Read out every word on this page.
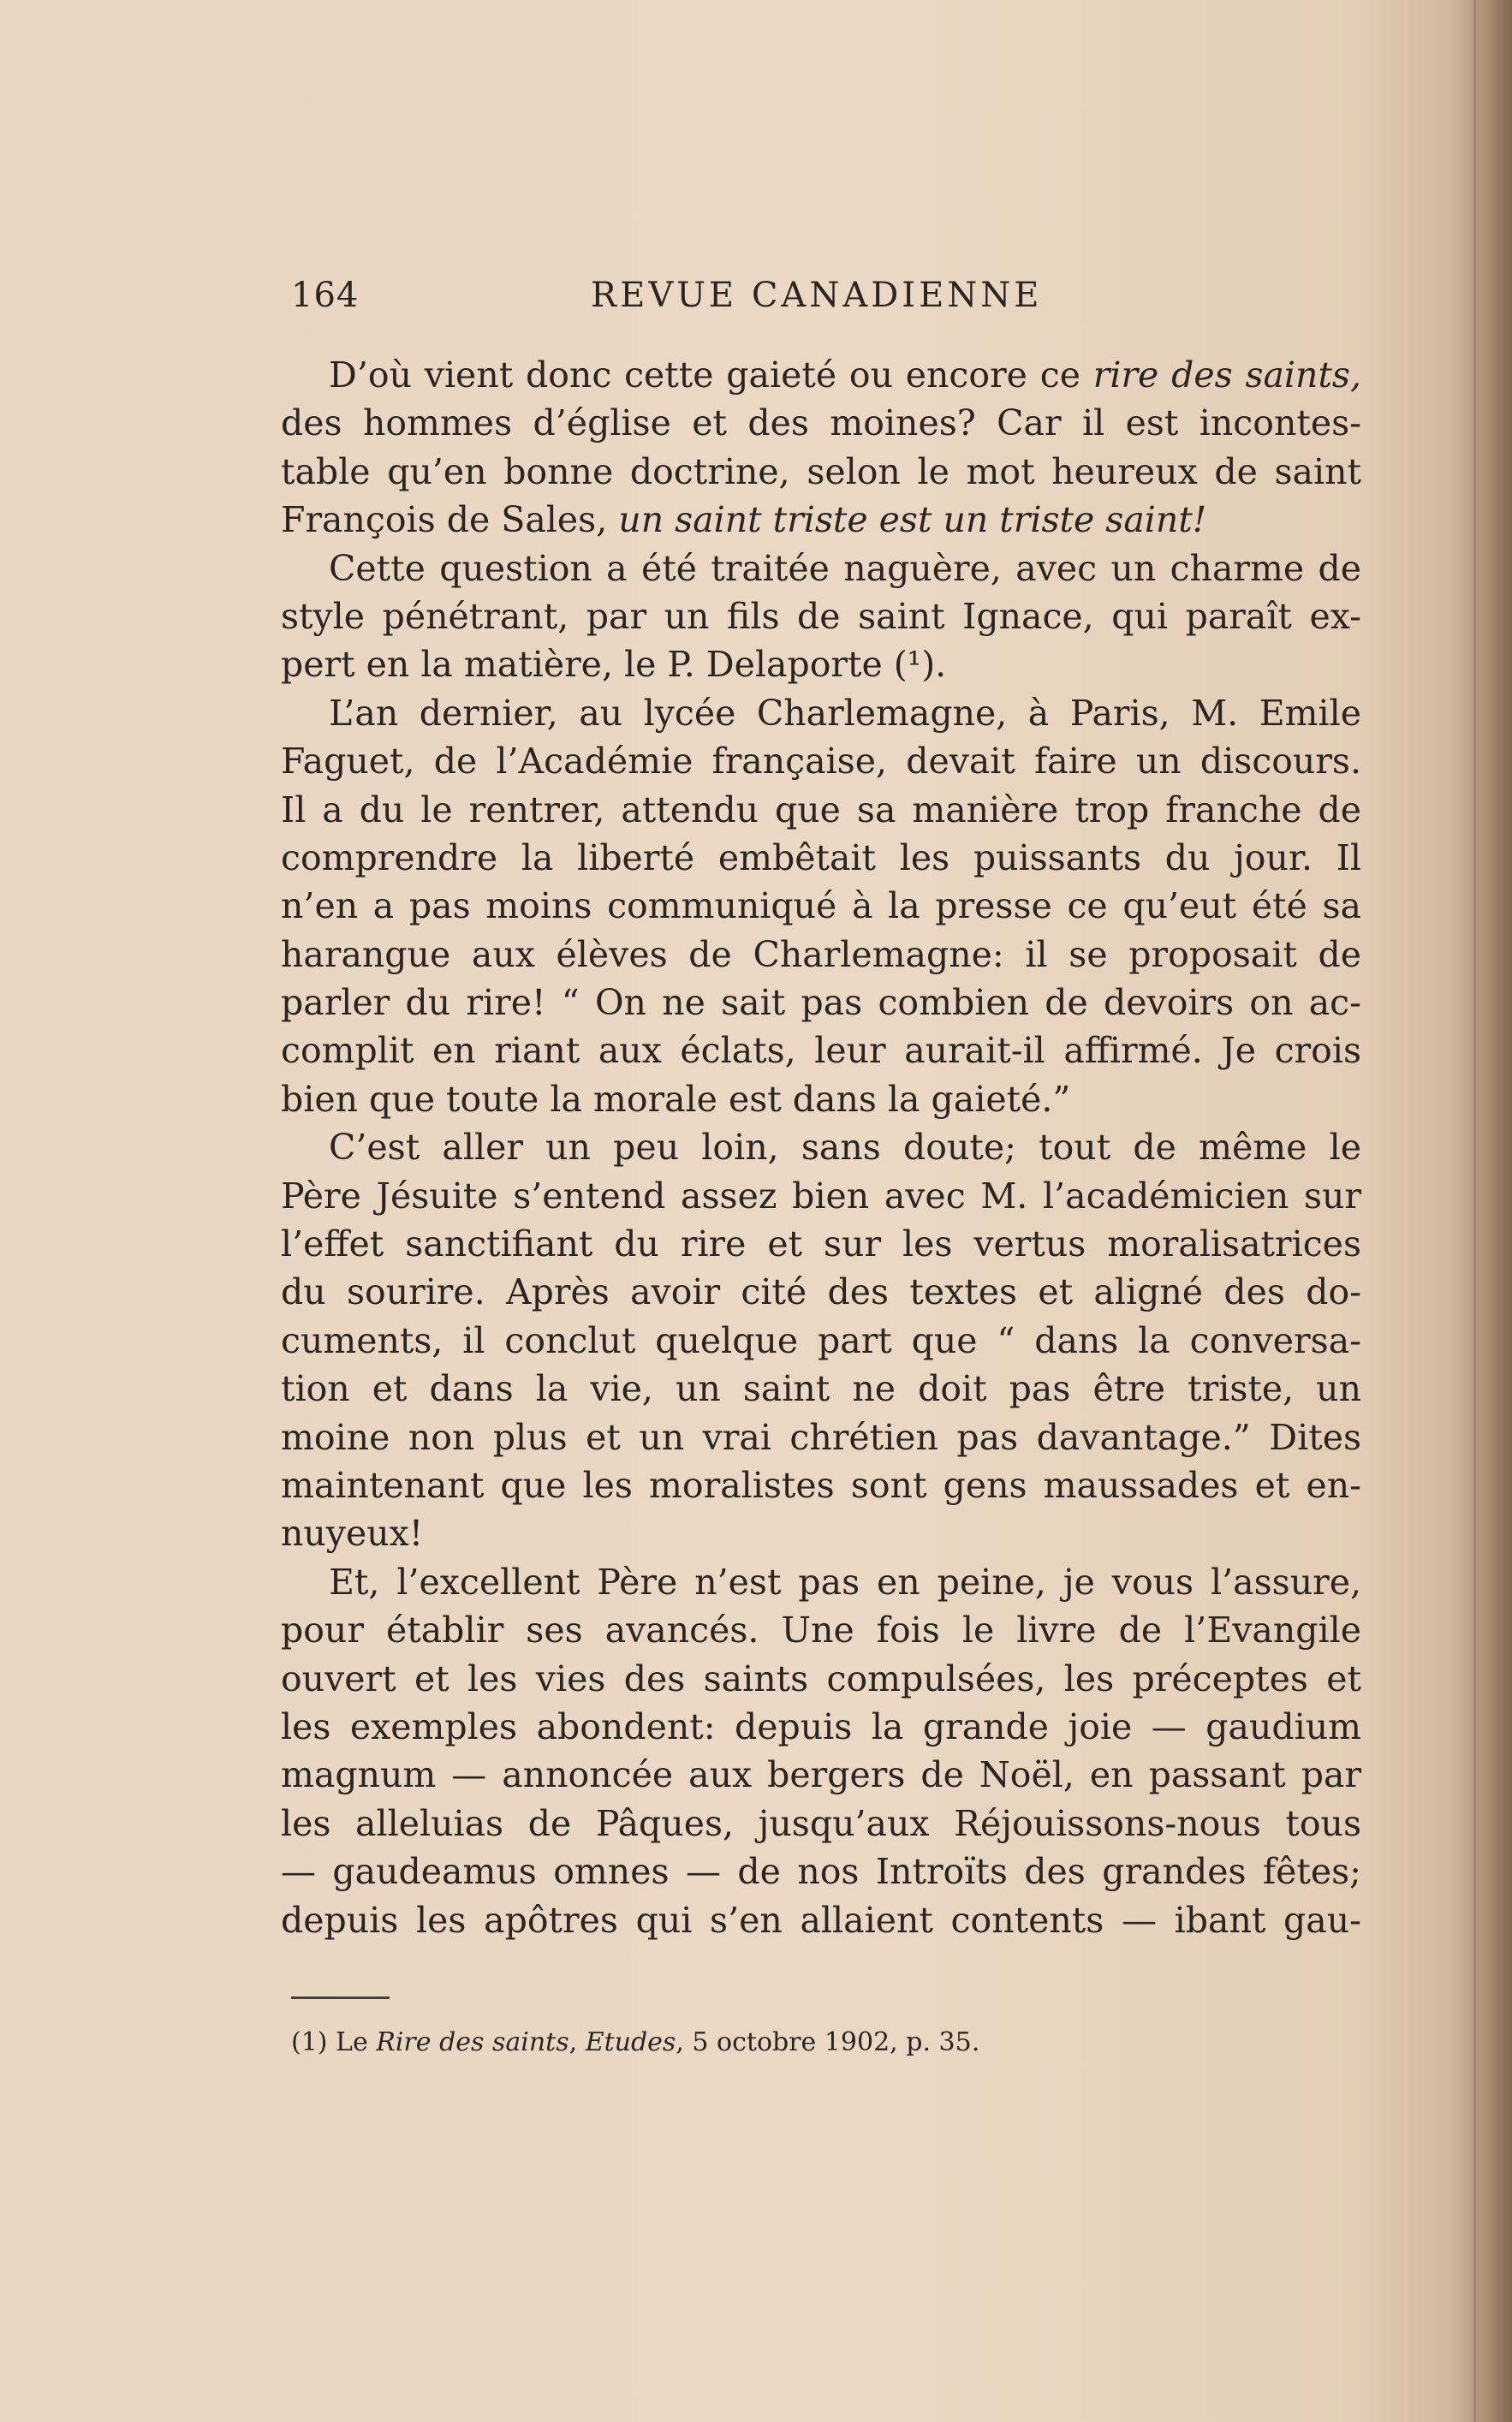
164	REVUE CANADIENNE
D’où vient donc cette gaieté ou encore ce rire des saints,
des hommes d’église et des moines? Car il est incontes-
table qu’en bonne doctrine, selon le mot heureux de saint
François de Sales, un saint triste est un triste saint!
Cette question a été traitée naguère, avec un charme de
style pénétrant, par un fils de saint Ignace, qui paraît ex-
pert en la matière, le P. Delaporte (¹).
L’an dernier, au lycée Charlemagne, à Paris, M. Emile
Faguet, de l’Académie française, devait faire un discours.
Il a du le rentrer, attendu que sa manière trop franche de
comprendre la liberté embêtait les puissants du jour. Il
n’en a pas moins communiqué à la presse ce qu’eut été sa
harangue aux élèves de Charlemagne: il se proposait de
parler du rire! “ On ne sait pas combien de devoirs on ac-
complit en riant aux éclats, leur aurait-il affirmé. Je crois
bien que toute la morale est dans la gaieté.”
C’est aller un peu loin, sans doute; tout de même le
Père Jésuite s’entend assez bien avec M. l’académicien sur
l’effet sanctifiant du rire et sur les vertus moralisatrices
du sourire. Après avoir cité des textes et aligné des do-
cuments, il conclut quelque part que “ dans la conversa-
tion et dans la vie, un saint ne doit pas être triste, un
moine non plus et un vrai chrétien pas davantage.” Dites
maintenant que les moralistes sont gens maussades et en-
nuyeux!
Et, l’excellent Père n’est pas en peine, je vous l’assure,
pour établir ses avancés. Une fois le livre de l’Evangile
ouvert et les vies des saints compulsées, les préceptes et
les exemples abondent: depuis la grande joie — gaudium
magnum — annoncée aux bergers de Noël, en passant par
les alleluias de Pâques, jusqu’aux Réjouissons-nous tous
— gaudeamus omnes — de nos Introïts des grandes fêtes;
depuis les apôtres qui s’en allaient contents — ibant gau-
(1) Le Rire des saints, Etudes, 5 octobre 1902, p. 35.
